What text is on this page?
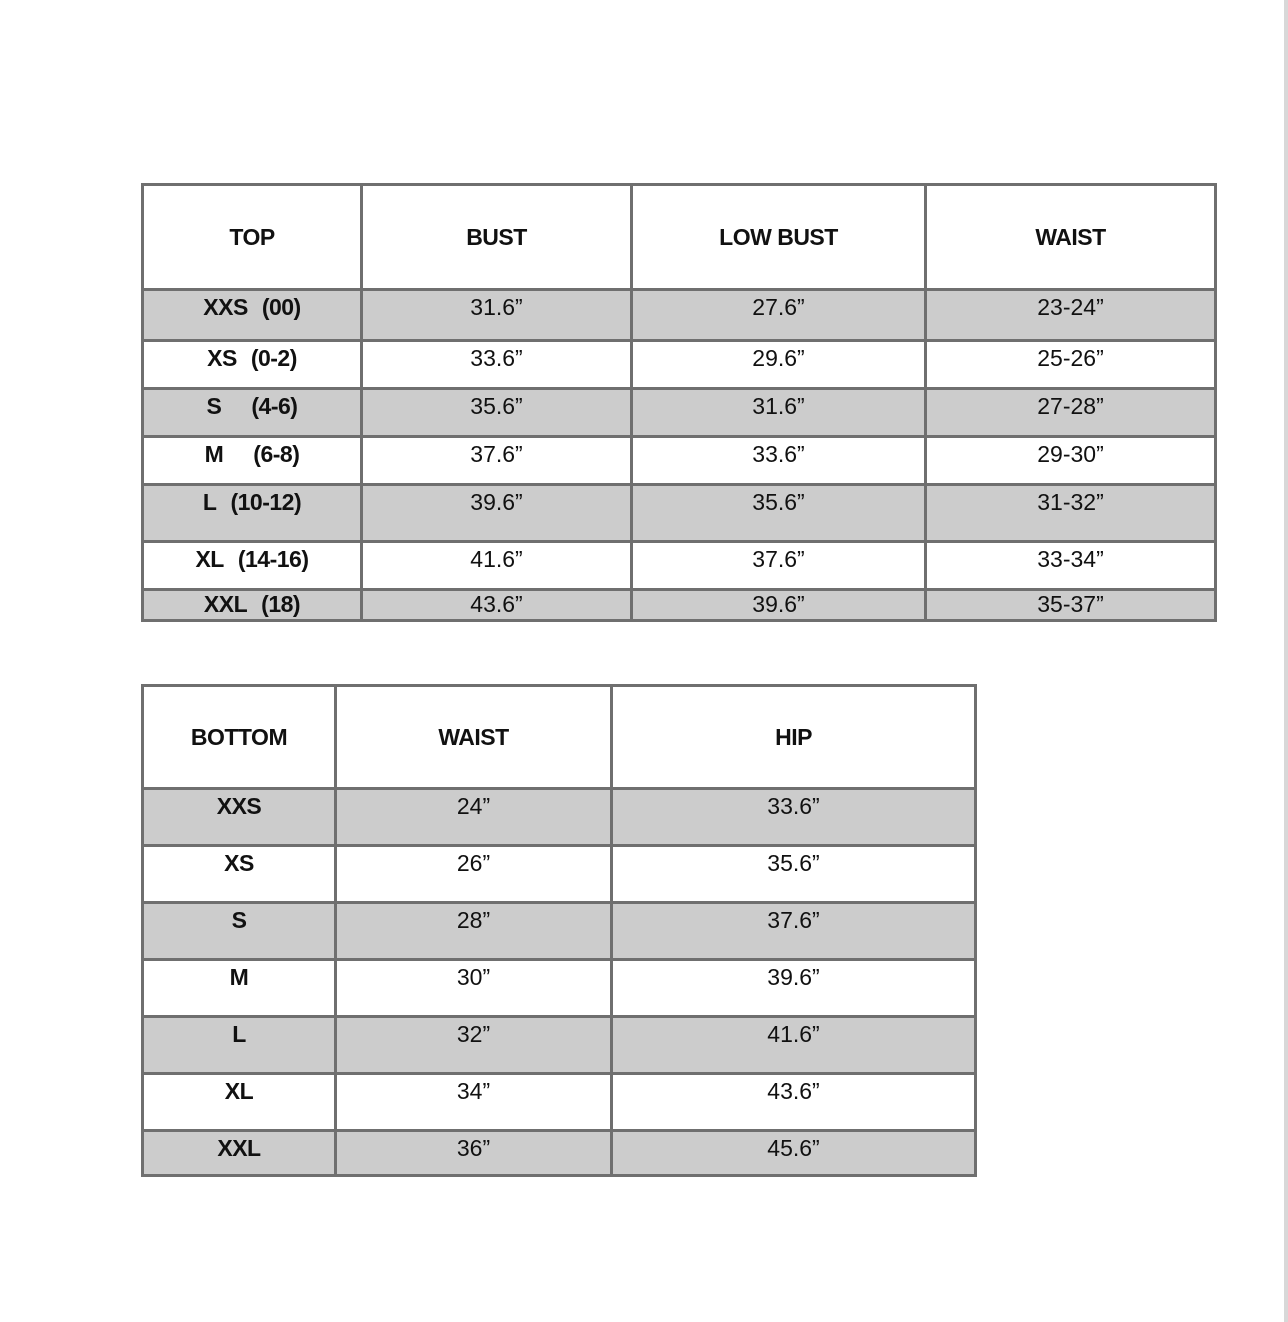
TOP	BUST	LOW BUST	WAIST
XXS (00)	31.6”	27.6”	23-24”
XS (0-2)	33.6”	29.6”	25-26”
S (4-6)	35.6”	31.6”	27-28”
M (6-8)	37.6”	33.6”	29-30”
L (10-12)	39.6”	35.6”	31-32”
XL (14-16)	41.6”	37.6”	33-34”
XXL (18)	43.6”	39.6”	35-37”
BOTTOM	WAIST	HIP
XXS	24”	33.6”
XS	26”	35.6”
S	28”	37.6”
M	30”	39.6”
L	32”	41.6”
XL	34”	43.6”
XXL	36”	45.6”
